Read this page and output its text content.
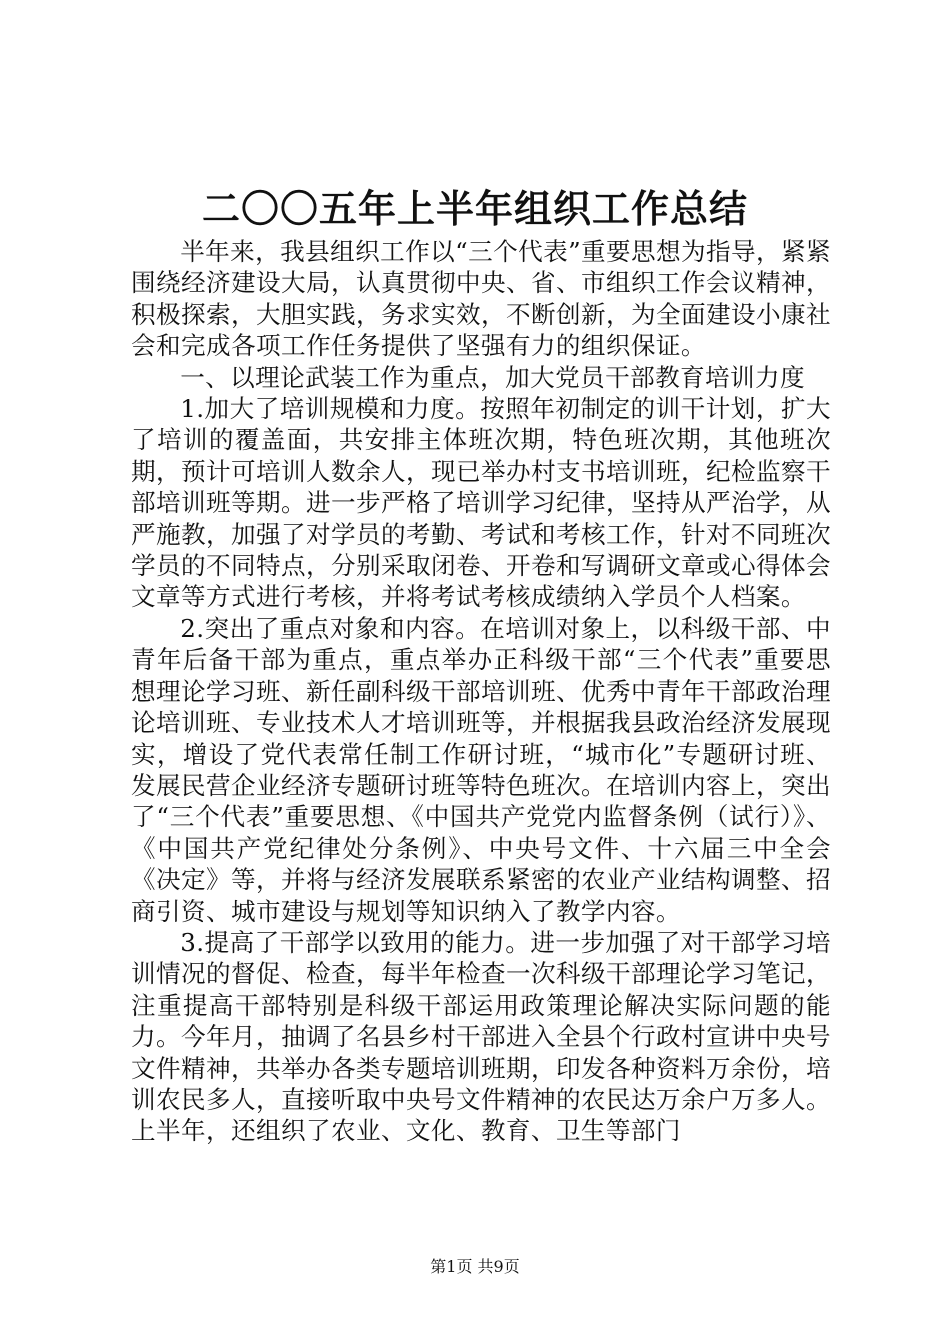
二〇〇五年上半年组织工作总结

半年来，我县组织工作以“三个代表”重要思想为指导，紧紧围绕经济建设大局，认真贯彻中央、省、市组织工作会议精神，积极探索，大胆实践，务求实效，不断创新，为全面建设小康社会和完成各项工作任务提供了坚强有力的组织保证。

一、以理论武装工作为重点，加大党员干部教育培训力度

1.加大了培训规模和力度。按照年初制定的训干计划，扩大了培训的覆盖面，共安排主体班次期，特色班次期，其他班次期，预计可培训人数余人，现已举办村支书培训班，纪检监察干部培训班等期。进一步严格了培训学习纪律，坚持从严治学，从严施教，加强了对学员的考勤、考试和考核工作，针对不同班次学员的不同特点，分别采取闭卷、开卷和写调研文章或心得体会文章等方式进行考核，并将考试考核成绩纳入学员个人档案。

2.突出了重点对象和内容。在培训对象上，以科级干部、中青年后备干部为重点，重点举办正科级干部“三个代表”重要思想理论学习班、新任副科级干部培训班、优秀中青年干部政治理论培训班、专业技术人才培训班等，并根据我县政治经济发展现实，增设了党代表常任制工作研讨班，“城市化”专题研讨班、发展民营企业经济专题研讨班等特色班次。在培训内容上，突出了“三个代表”重要思想、《中国共产党党内监督条例（试行）》、《中国共产党纪律处分条例》、中央号文件、十六届三中全会《决定》等，并将与经济发展联系紧密的农业产业结构调整、招商引资、城市建设与规划等知识纳入了教学内容。

3.提高了干部学以致用的能力。进一步加强了对干部学习培训情况的督促、检查，每半年检查一次科级干部理论学习笔记，注重提高干部特别是科级干部运用政策理论解决实际问题的能力。今年月，抽调了名县乡村干部进入全县个行政村宣讲中央号文件精神，共举办各类专题培训班期，印发各种资料万余份，培训农民多人，直接听取中央号文件精神的农民达万余户万多人。上半年，还组织了农业、文化、教育、卫生等部门

第1页 共9页
